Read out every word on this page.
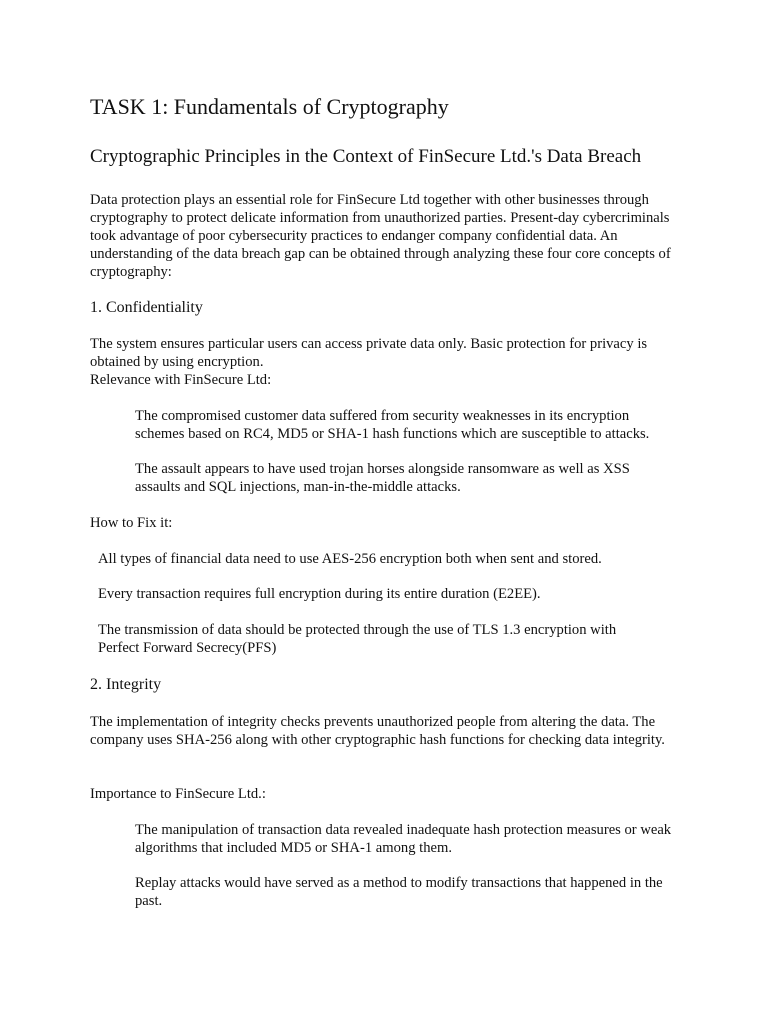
TASK 1: Fundamentals of Cryptography
Cryptographic Principles in the Context of FinSecure Ltd.'s Data Breach

Data protection plays an essential role for FinSecure Ltd together with other businesses through cryptography to protect delicate information from unauthorized parties. Present-day cybercriminals took advantage of poor cybersecurity practices to endanger company confidential data. An understanding of the data breach gap can be obtained through analyzing these four core concepts of cryptography:

1. Confidentiality

The system ensures particular users can access private data only. Basic protection for privacy is obtained by using encryption.

Relevance with FinSecure Ltd:

The compromised customer data suffered from security weaknesses in its encryption schemes based on RC4, MD5 or SHA-1 hash functions which are susceptible to attacks.

The assault appears to have used trojan horses alongside ransomware as well as XSS assaults and SQL injections, man-in-the-middle attacks.

How to Fix it:

All types of financial data need to use AES-256 encryption both when sent and stored.

Every transaction requires full encryption during its entire duration (E2EE).

The transmission of data should be protected through the use of TLS 1.3 encryption with Perfect Forward Secrecy(PFS)

2. Integrity

The implementation of integrity checks prevents unauthorized people from altering the data. The company uses SHA-256 along with other cryptographic hash functions for checking data integrity.

Importance to FinSecure Ltd.:

The manipulation of transaction data revealed inadequate hash protection measures or weak algorithms that included MD5 or SHA-1 among them.

Replay attacks would have served as a method to modify transactions that happened in the past.
